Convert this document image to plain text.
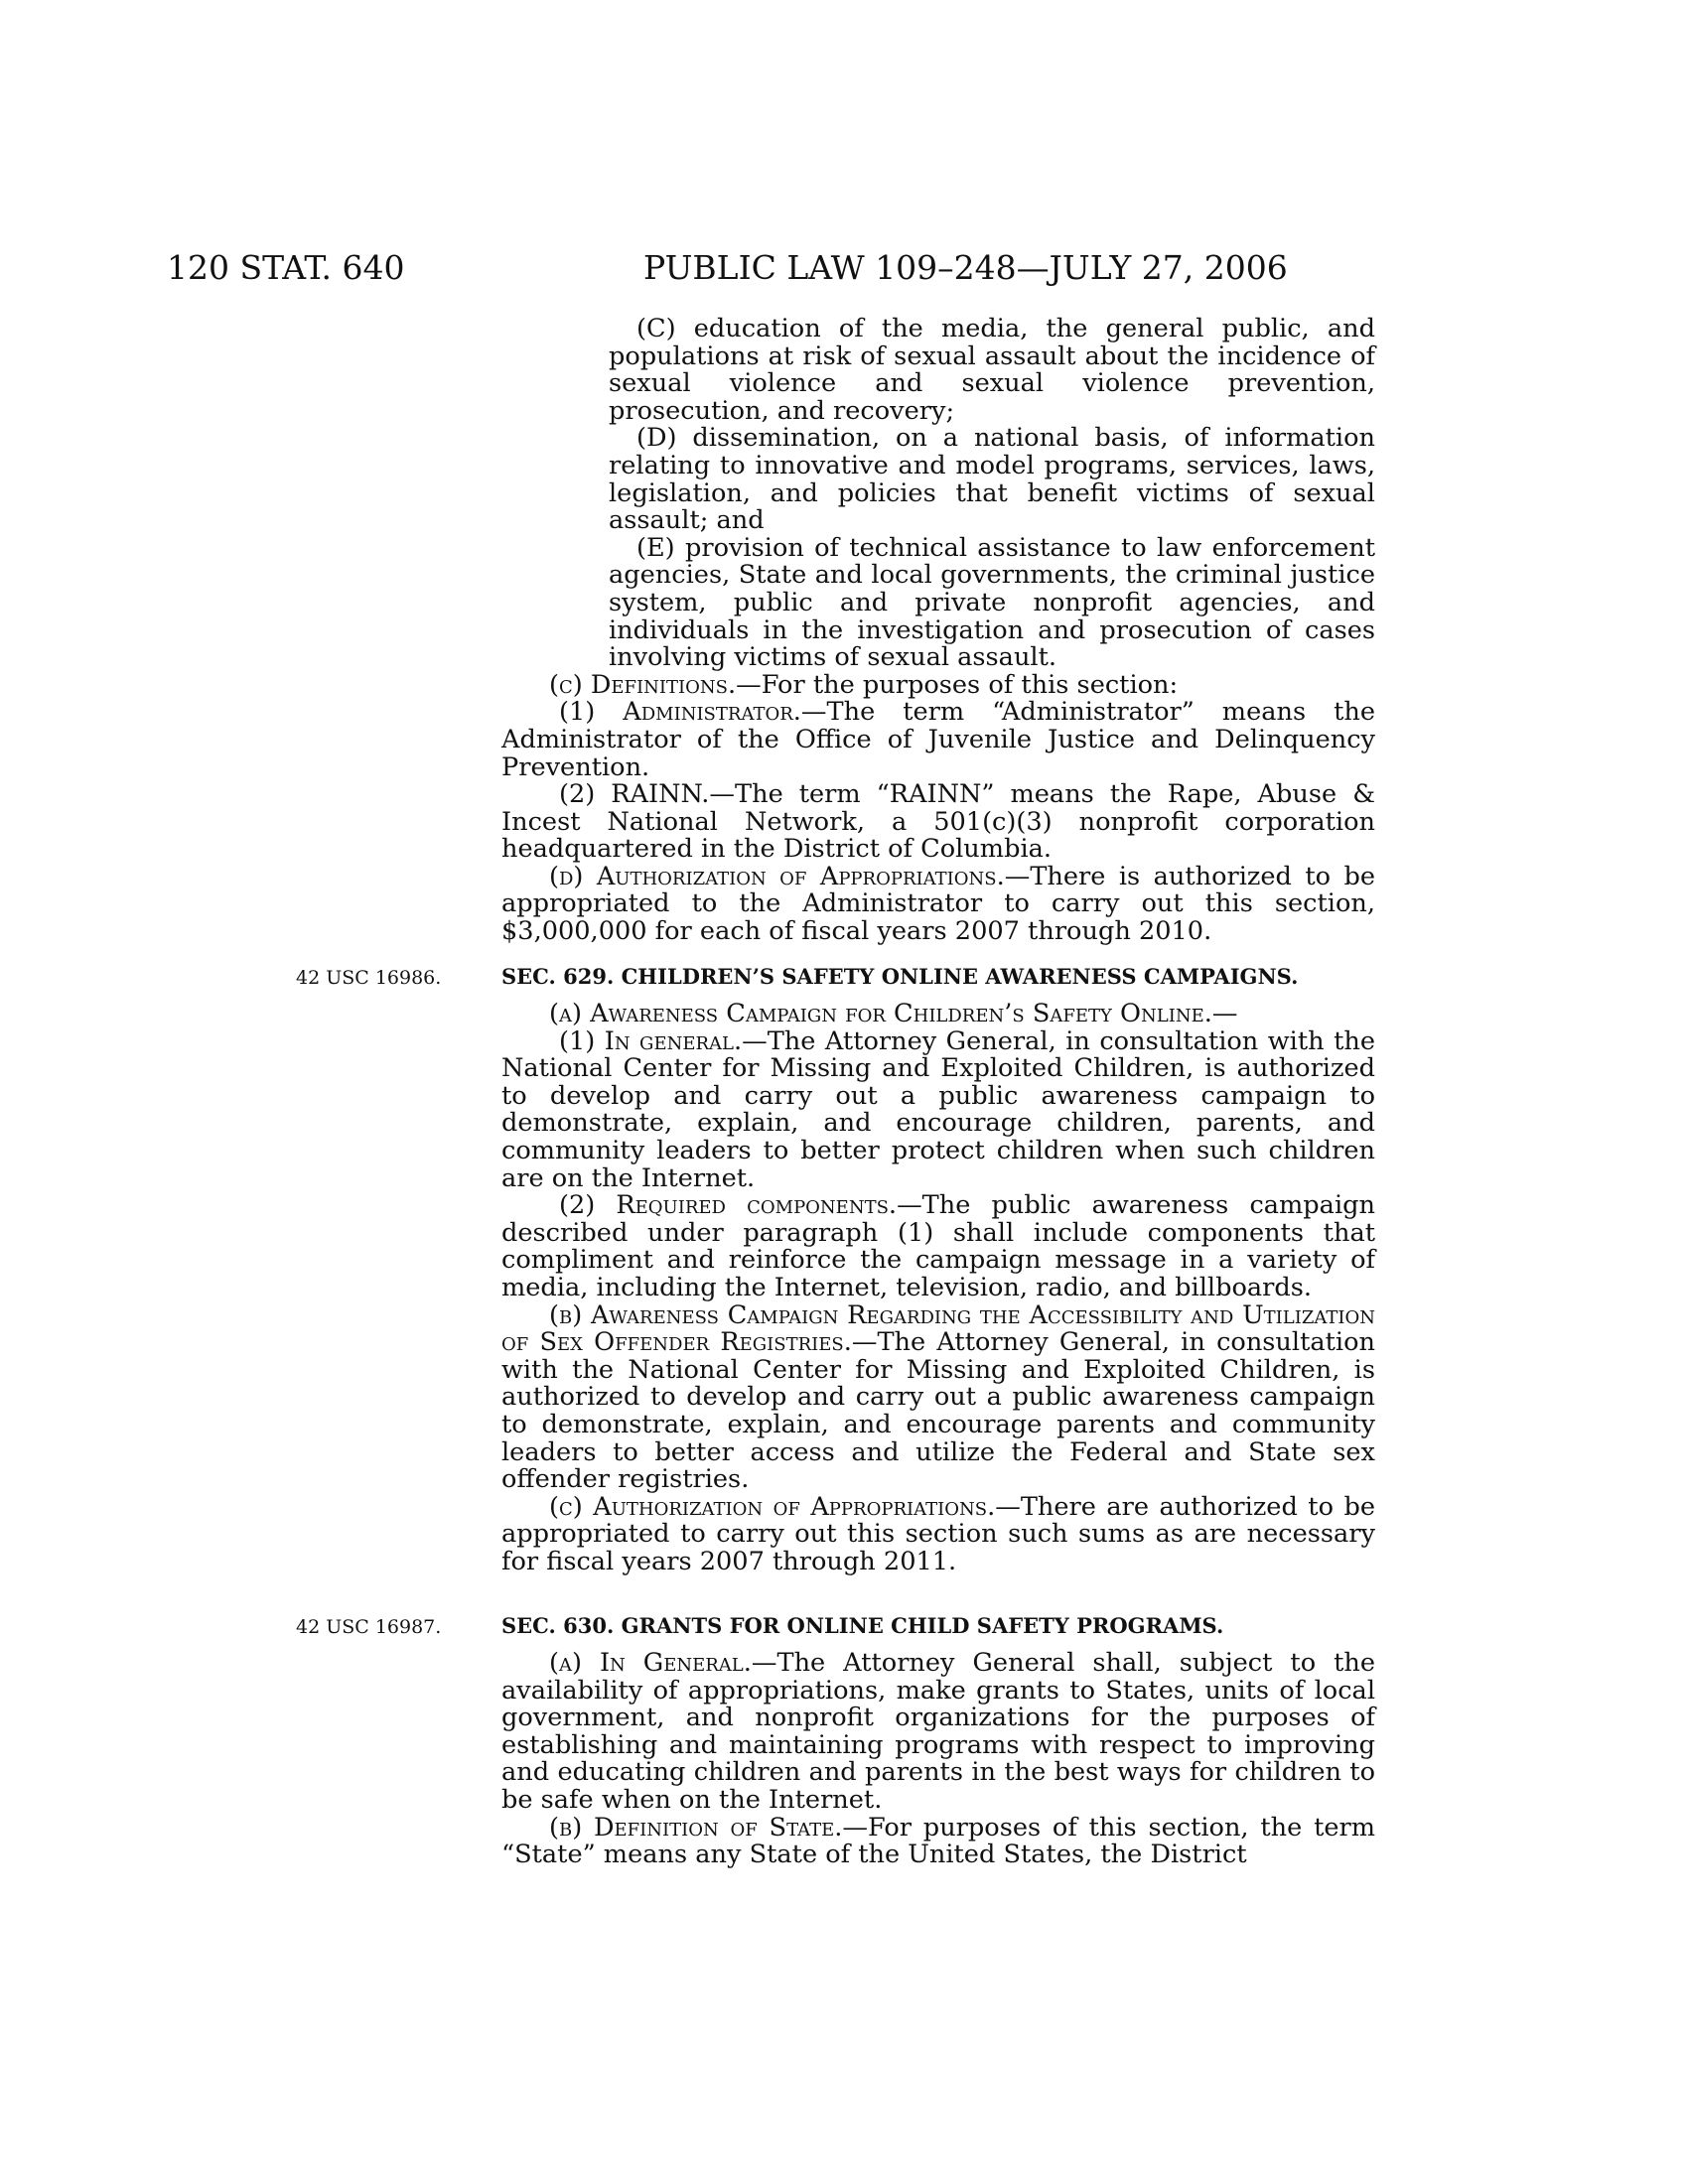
120 STAT. 640	PUBLIC LAW 109–248—JULY 27, 2006

(C) education of the media, the general public, and populations at risk of sexual assault about the incidence of sexual violence and sexual violence prevention, prosecution, and recovery;

(D) dissemination, on a national basis, of information relating to innovative and model programs, services, laws, legislation, and policies that benefit victims of sexual assault; and

(E) provision of technical assistance to law enforcement agencies, State and local governments, the criminal justice system, public and private nonprofit agencies, and individuals in the investigation and prosecution of cases involving victims of sexual assault.

(c) Definitions.—For the purposes of this section:

(1) Administrator.—The term “Administrator” means the Administrator of the Office of Juvenile Justice and Delinquency Prevention.

(2) RAINN.—The term “RAINN” means the Rape, Abuse & Incest National Network, a 501(c)(3) nonprofit corporation headquartered in the District of Columbia.

(d) Authorization of Appropriations.—There is authorized to be appropriated to the Administrator to carry out this section, $3,000,000 for each of fiscal years 2007 through 2010.

42 USC 16986.	SEC. 629. CHILDREN’S SAFETY ONLINE AWARENESS CAMPAIGNS.

(a) Awareness Campaign for Children’s Safety Online.—

(1) In general.—The Attorney General, in consultation with the National Center for Missing and Exploited Children, is authorized to develop and carry out a public awareness campaign to demonstrate, explain, and encourage children, parents, and community leaders to better protect children when such children are on the Internet.

(2) Required components.—The public awareness campaign described under paragraph (1) shall include components that compliment and reinforce the campaign message in a variety of media, including the Internet, television, radio, and billboards.

(b) Awareness Campaign Regarding the Accessibility and Utilization of Sex Offender Registries.—The Attorney General, in consultation with the National Center for Missing and Exploited Children, is authorized to develop and carry out a public awareness campaign to demonstrate, explain, and encourage parents and community leaders to better access and utilize the Federal and State sex offender registries.

(c) Authorization of Appropriations.—There are authorized to be appropriated to carry out this section such sums as are necessary for fiscal years 2007 through 2011.

42 USC 16987.	SEC. 630. GRANTS FOR ONLINE CHILD SAFETY PROGRAMS.

(a) In General.—The Attorney General shall, subject to the availability of appropriations, make grants to States, units of local government, and nonprofit organizations for the purposes of establishing and maintaining programs with respect to improving and educating children and parents in the best ways for children to be safe when on the Internet.

(b) Definition of State.—For purposes of this section, the term “State” means any State of the United States, the District
